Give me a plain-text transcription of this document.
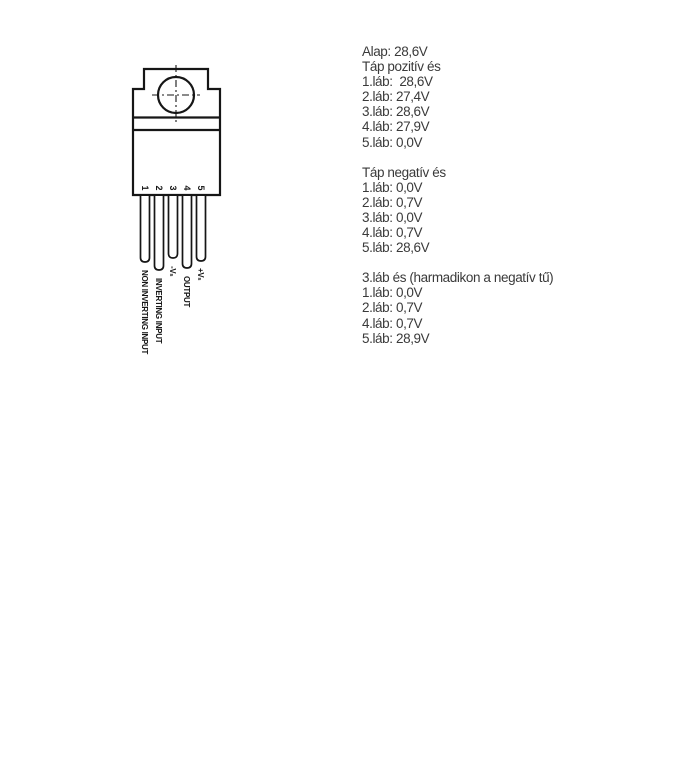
1 2 3 4 5
NON INVERTING INPUT INVERTING INPUT
$-V_s$
OUTPUT
$+V_s$
Alap: 28,6V
Táp pozitív és
1.láb:  28,6V
2.láb: 27,4V
3.láb: 28,6V
4.láb: 27,9V
5.láb: 0,0V
Táp negatív és
1.láb: 0,0V
2.láb: 0,7V
3.láb: 0,0V
4.láb: 0,7V
5.láb: 28,6V
3.láb és (harmadikon a negatív tű)
1.láb: 0,0V
2.láb: 0,7V
4.láb: 0,7V
5.láb: 28,9V
